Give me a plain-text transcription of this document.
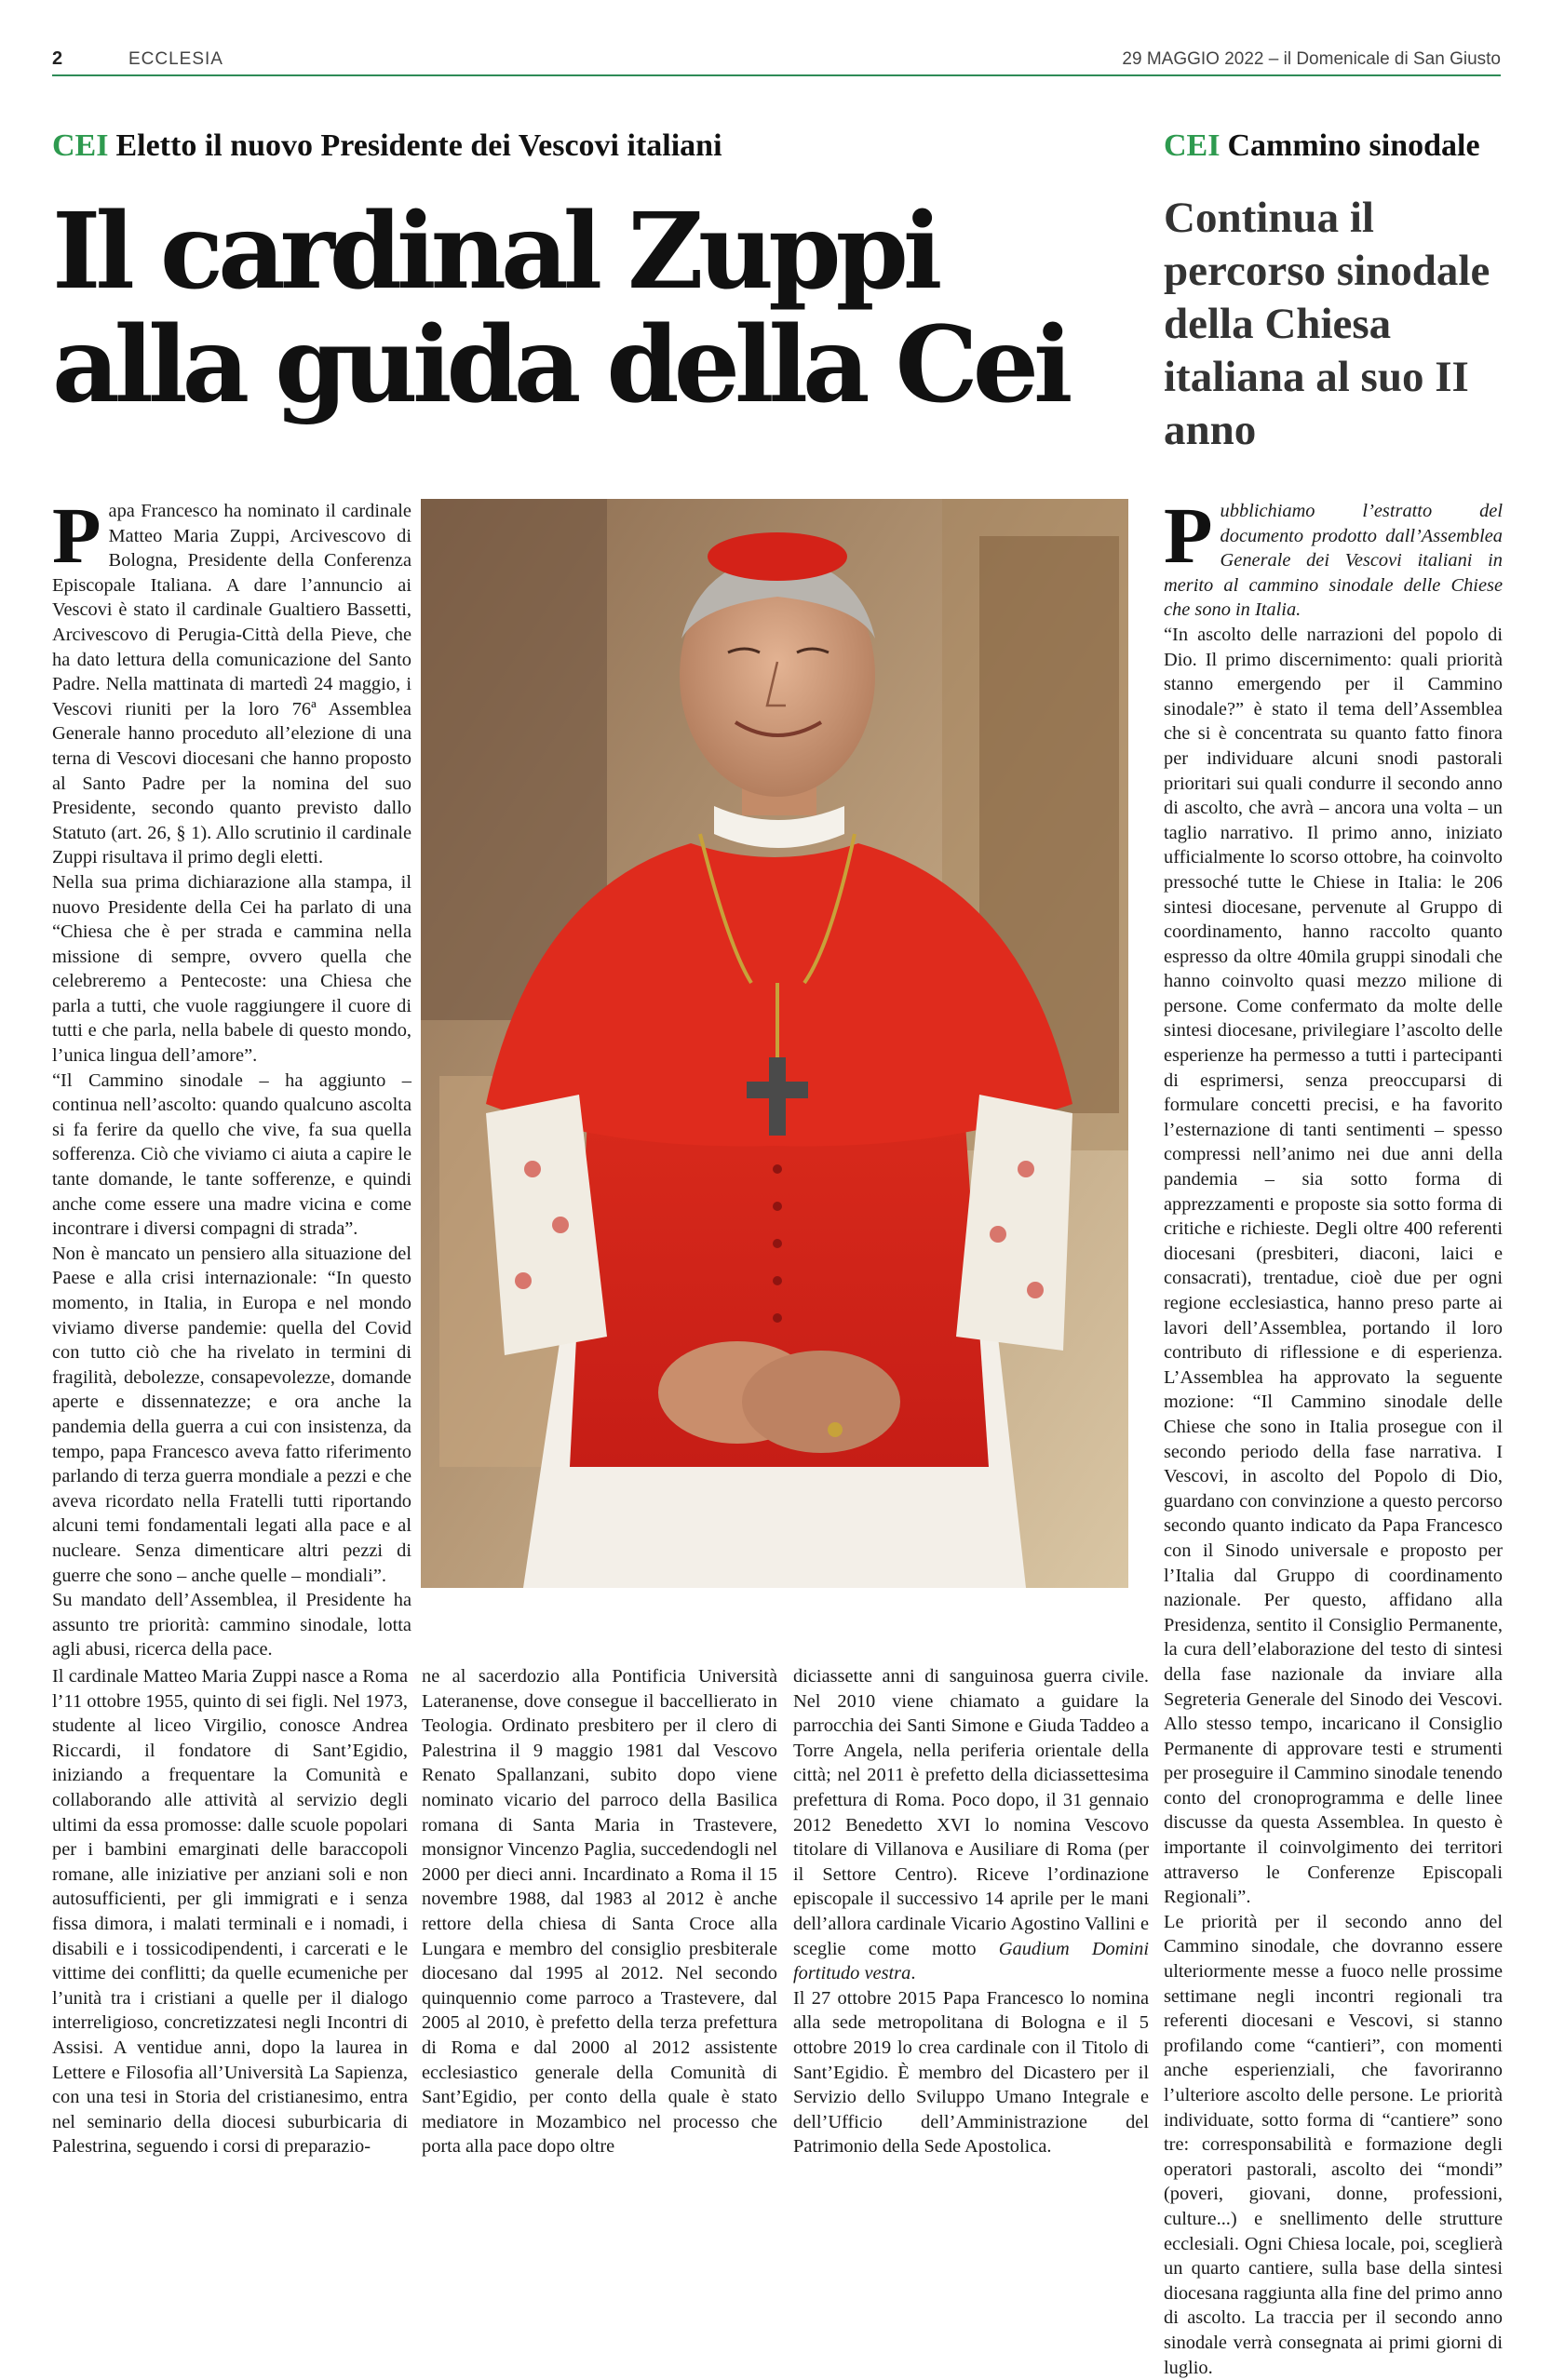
2	ECCLESIA	29 MAGGIO 2022 – il Domenicale di San Giusto
CEI Eletto il nuovo Presidente dei Vescovi italiani	CEI Cammino sinodale
Il cardinal Zuppi
alla guida della Cei
Continua il percorso sinodale della Chiesa italiana al suo II anno

Papa Francesco ha nominato il cardinale Matteo Maria Zuppi, Arcivescovo di Bologna, Presidente della Conferenza Episcopale Italiana. A dare l’annuncio ai Vescovi è stato il cardinale Gualtiero Bassetti, Arcivescovo di Perugia-Città della Pieve, che ha dato lettura della comunicazione del Santo Padre. Nella mattinata di martedì 24 maggio, i Vescovi riuniti per la loro 76ª Assemblea Generale hanno proceduto all’elezione di una terna di Vescovi diocesani che hanno proposto al Santo Padre per la nomina del suo Presidente, secondo quanto previsto dallo Statuto (art. 26, § 1). Allo scrutinio il cardinale Zuppi risultava il primo degli eletti.

Nella sua prima dichiarazione alla stampa, il nuovo Presidente della Cei ha parlato di una “Chiesa che è per strada e cammina nella missione di sempre, ovvero quella che celebreremo a Pentecoste: una Chiesa che parla a tutti, che vuole raggiungere il cuore di tutti e che parla, nella babele di questo mondo, l’unica lingua dell’amore”.

“Il Cammino sinodale – ha aggiunto – continua nell’ascolto: quando qualcuno ascolta si fa ferire da quello che vive, fa sua quella sofferenza. Ciò che viviamo ci aiuta a capire le tante domande, le tante sofferenze, e quindi anche come essere una madre vicina e come incontrare i diversi compagni di strada”.

Non è mancato un pensiero alla situazione del Paese e alla crisi internazionale: “In questo momento, in Italia, in Europa e nel mondo viviamo diverse pandemie: quella del Covid con tutto ciò che ha rivelato in termini di fragilità, debolezze, consapevolezze, domande aperte e dissennatezze; e ora anche la pandemia della guerra a cui con insistenza, da tempo, papa Francesco aveva fatto riferimento parlando di terza guerra mondiale a pezzi e che aveva ricordato nella Fratelli tutti riportando alcuni temi fondamentali legati alla pace e al nucleare. Senza dimenticare altri pezzi di guerre che sono – anche quelle – mondiali”.

Su mandato dell’Assemblea, il Presidente ha assunto tre priorità: cammino sinodale, lotta agli abusi, ricerca della pace.

Il cardinale Matteo Maria Zuppi nasce a Roma l’11 ottobre 1955, quinto di sei figli. Nel 1973, studente al liceo Virgilio, conosce Andrea Riccardi, il fondatore di Sant’Egidio, iniziando a frequentare la Comunità e collaborando alle attività al servizio degli ultimi da essa promosse: dalle scuole popolari per i bambini emarginati delle baraccopoli romane, alle iniziative per anziani soli e non autosufficienti, per gli immigrati e i senza fissa dimora, i malati terminali e i nomadi, i disabili e i tossicodipendenti, i carcerati e le vittime dei conflitti; da quelle ecumeniche per l’unità tra i cristiani a quelle per il dialogo interreligioso, concretizzatesi negli Incontri di Assisi. A ventidue anni, dopo la laurea in Lettere e Filosofia all’Università La Sapienza, con una tesi in Storia del cristianesimo, entra nel seminario della diocesi suburbicaria di Palestrina, seguendo i corsi di preparazio-

ne al sacerdozio alla Pontificia Università Lateranense, dove consegue il baccellierato in Teologia. Ordinato presbitero per il clero di Palestrina il 9 maggio 1981 dal Vescovo Renato Spallanzani, subito dopo viene nominato vicario del parroco della Basilica romana di Santa Maria in Trastevere, monsignor Vincenzo Paglia, succedendogli nel 2000 per dieci anni. Incardinato a Roma il 15 novembre 1988, dal 1983 al 2012 è anche rettore della chiesa di Santa Croce alla Lungara e membro del consiglio presbiterale diocesano dal 1995 al 2012. Nel secondo quinquennio come parroco a Trastevere, dal 2005 al 2010, è prefetto della terza prefettura di Roma e dal 2000 al 2012 assistente ecclesiastico generale della Comunità di Sant’Egidio, per conto della quale è stato mediatore in Mozambico nel processo che porta alla pace dopo oltre

diciassette anni di sanguinosa guerra civile. Nel 2010 viene chiamato a guidare la parrocchia dei Santi Simone e Giuda Taddeo a Torre Angela, nella periferia orientale della città; nel 2011 è prefetto della diciassettesima prefettura di Roma. Poco dopo, il 31 gennaio 2012 Benedetto XVI lo nomina Vescovo titolare di Villanova e Ausiliare di Roma (per il Settore Centro). Riceve l’ordinazione episcopale il successivo 14 aprile per le mani dell’allora cardinale Vicario Agostino Vallini e sceglie come motto Gaudium Domini fortitudo vestra.

Il 27 ottobre 2015 Papa Francesco lo nomina alla sede metropolitana di Bologna e il 5 ottobre 2019 lo crea cardinale con il Titolo di Sant’Egidio. È membro del Dicastero per il Servizio dello Sviluppo Umano Integrale e dell’Ufficio dell’Amministrazione del Patrimonio della Sede Apostolica.

Pubblichiamo l’estratto del documento prodotto dall’Assemblea Generale dei Vescovi italiani in merito al cammino sinodale delle Chiese che sono in Italia.

“In ascolto delle narrazioni del popolo di Dio. Il primo discernimento: quali priorità stanno emergendo per il Cammino sinodale?” è stato il tema dell’Assemblea che si è concentrata su quanto fatto finora per individuare alcuni snodi pastorali prioritari sui quali condurre il secondo anno di ascolto, che avrà – ancora una volta – un taglio narrativo. Il primo anno, iniziato ufficialmente lo scorso ottobre, ha coinvolto pressoché tutte le Chiese in Italia: le 206 sintesi diocesane, pervenute al Gruppo di coordinamento, hanno raccolto quanto espresso da oltre 40mila gruppi sinodali che hanno coinvolto quasi mezzo milione di persone. Come confermato da molte delle sintesi diocesane, privilegiare l’ascolto delle esperienze ha permesso a tutti i partecipanti di esprimersi, senza preoccuparsi di formulare concetti precisi, e ha favorito l’esternazione di tanti sentimenti – spesso compressi nell’animo nei due anni della pandemia – sia sotto forma di apprezzamenti e proposte sia sotto forma di critiche e richieste. Degli oltre 400 referenti diocesani (presbiteri, diaconi, laici e consacrati), trentadue, cioè due per ogni regione ecclesiastica, hanno preso parte ai lavori dell’Assemblea, portando il loro contributo di riflessione e di esperienza. L’Assemblea ha approvato la seguente mozione: “Il Cammino sinodale delle Chiese che sono in Italia prosegue con il secondo periodo della fase narrativa. I Vescovi, in ascolto del Popolo di Dio, guardano con convinzione a questo percorso secondo quanto indicato da Papa Francesco con il Sinodo universale e proposto per l’Italia dal Gruppo di coordinamento nazionale. Per questo, affidano alla Presidenza, sentito il Consiglio Permanente, la cura dell’elaborazione del testo di sintesi della fase nazionale da inviare alla Segreteria Generale del Sinodo dei Vescovi. Allo stesso tempo, incaricano il Consiglio Permanente di approvare testi e strumenti per proseguire il Cammino sinodale tenendo conto del cronoprogramma e delle linee discusse da questa Assemblea. In questo è importante il coinvolgimento dei territori attraverso le Conferenze Episcopali Regionali”.

Le priorità per il secondo anno del Cammino sinodale, che dovranno essere ulteriormente messe a fuoco nelle prossime settimane negli incontri regionali tra referenti diocesani e Vescovi, si stanno profilando come “cantieri”, con momenti anche esperienziali, che favoriranno l’ulteriore ascolto delle persone. Le priorità individuate, sotto forma di “cantiere” sono tre: corresponsabilità e formazione degli operatori pastorali, ascolto dei “mondi” (poveri, giovani, donne, professioni, culture...) e snellimento delle strutture ecclesiali. Ogni Chiesa locale, poi, sceglierà un quarto cantiere, sulla base della sintesi diocesana raggiunta alla fine del primo anno di ascolto. La traccia per il secondo anno sinodale verrà consegnata ai primi giorni di luglio.
